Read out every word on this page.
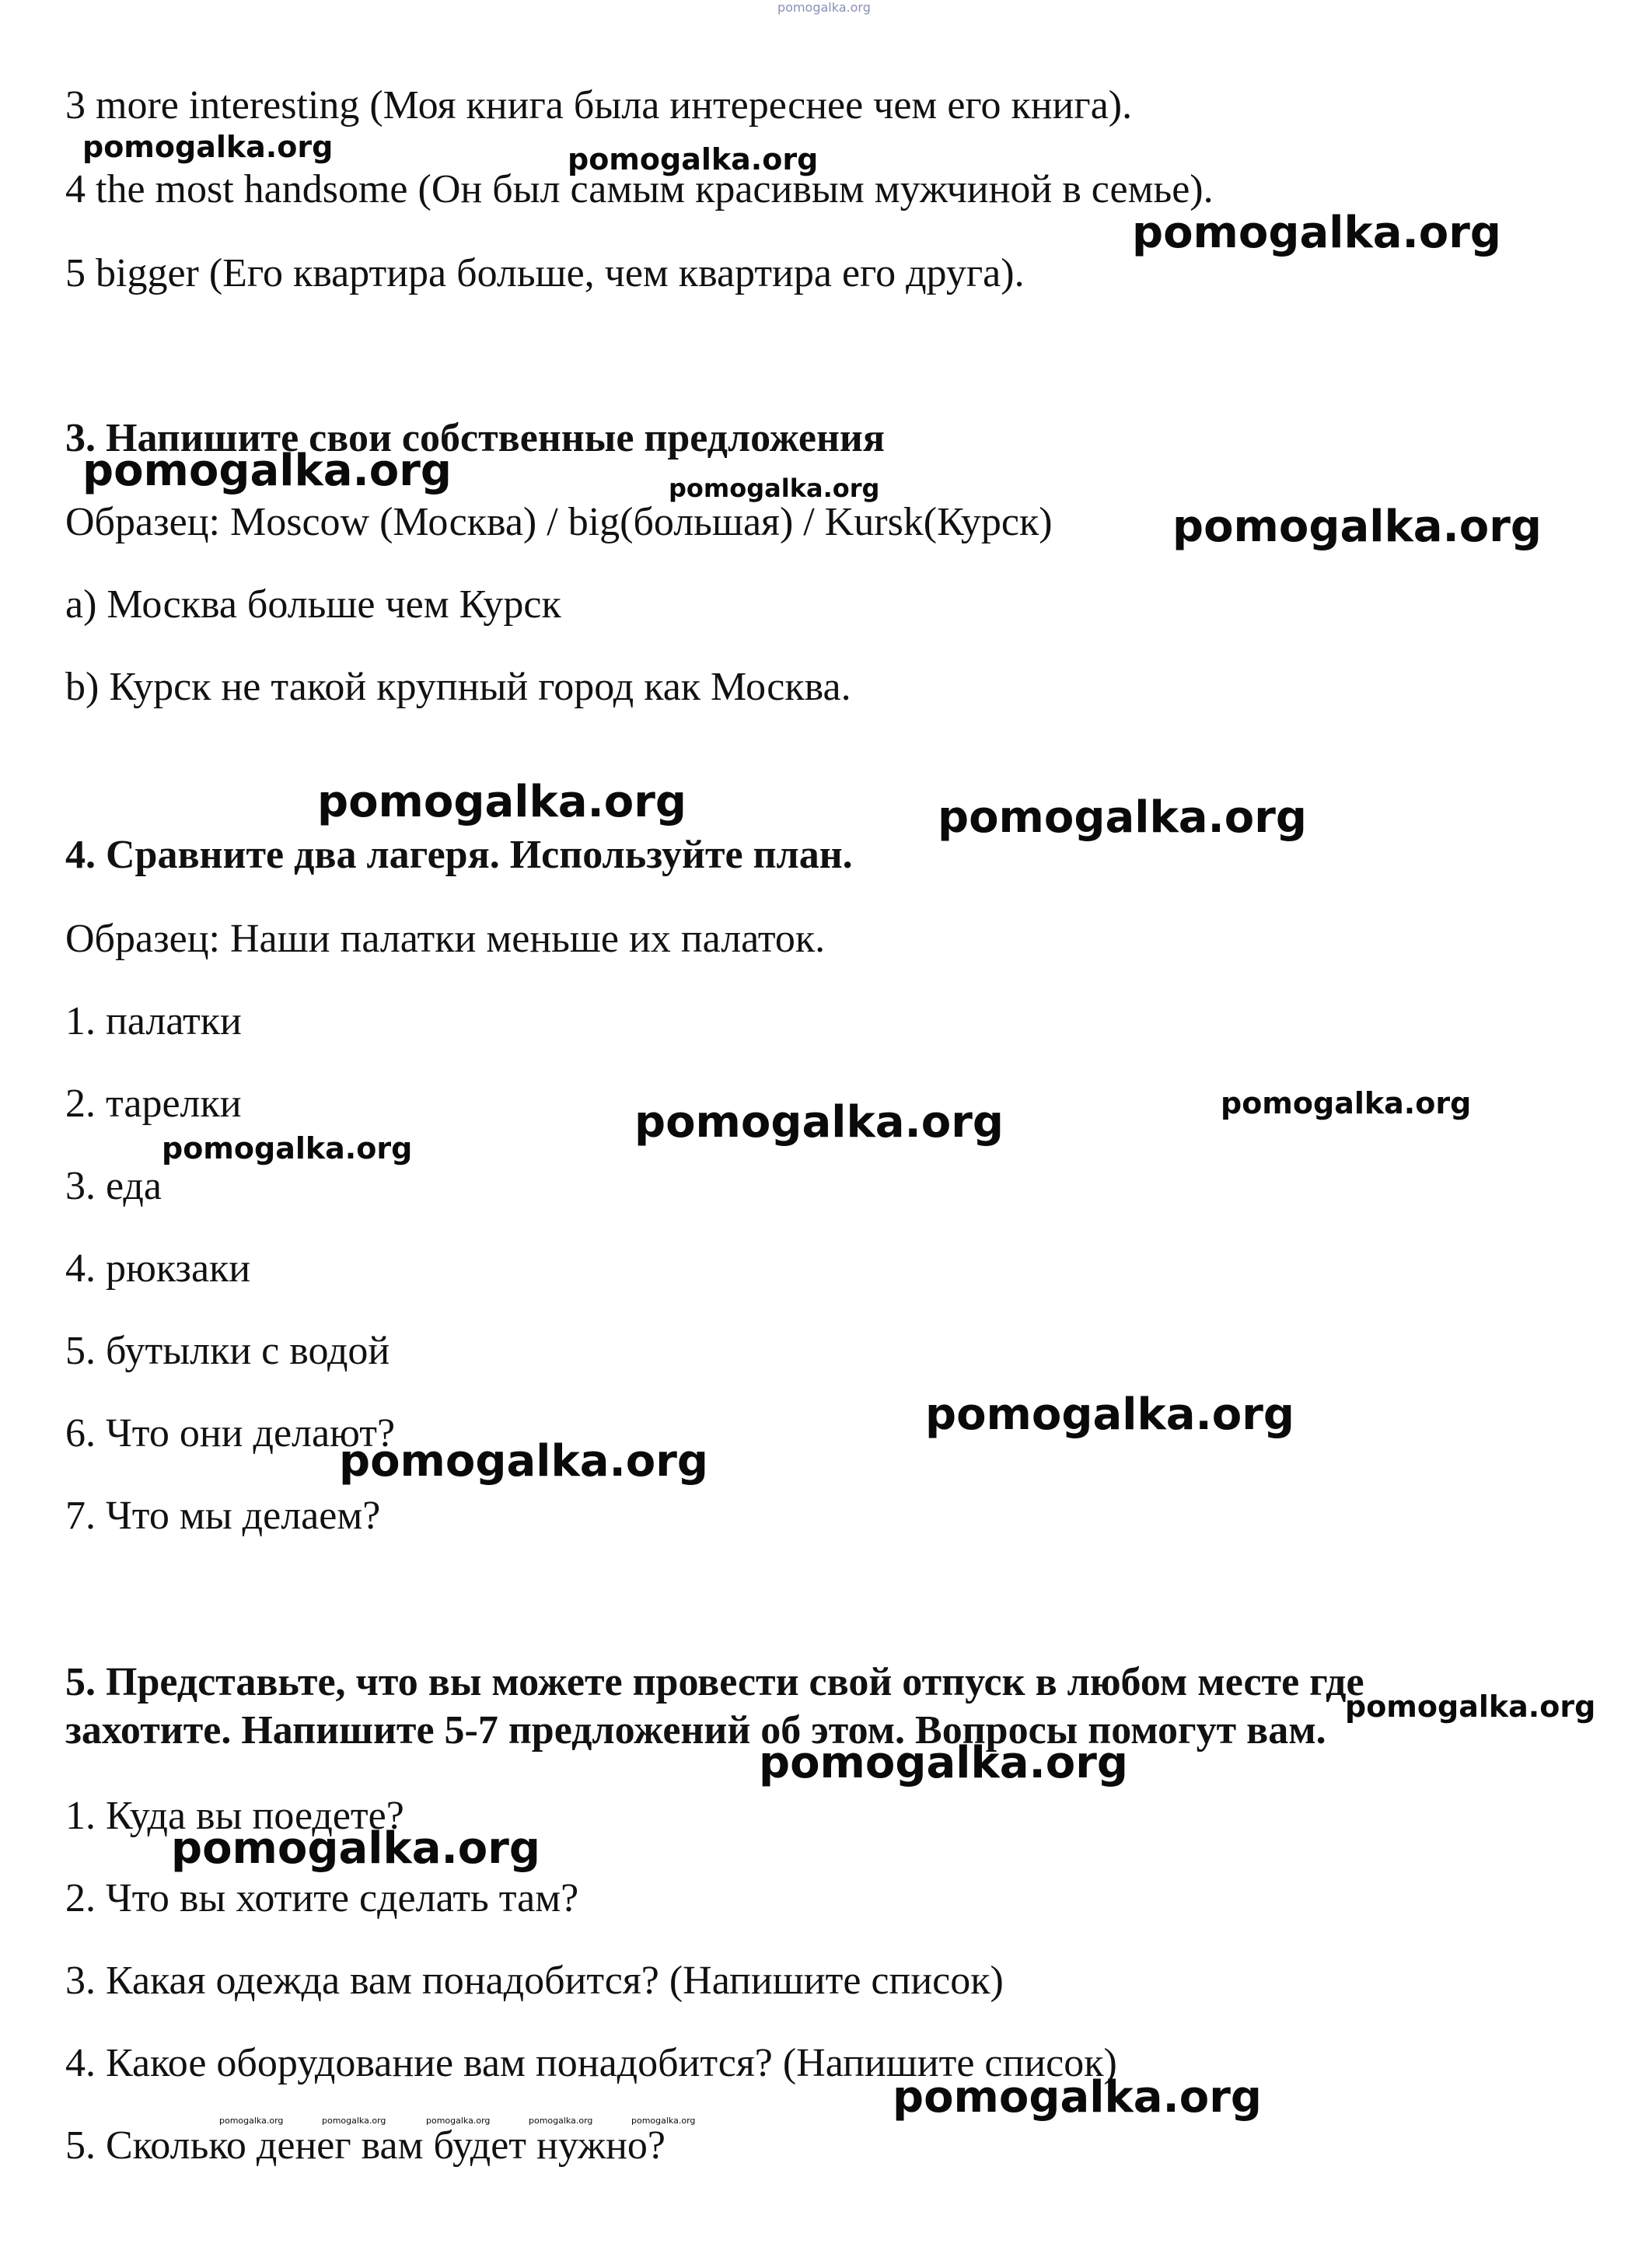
pomogalka.org

3 more interesting (Моя книга была интереснее чем его книга).

4 the most handsome (Он был самым красивым мужчиной в семье).

5 bigger (Его квартира больше, чем квартира его друга).

3. Напишите свои собственные предложения

Образец: Moscow (Москва) / big(большая) / Kursk(Курск)

a) Москва больше чем Курск

b) Курск не такой крупный город как Москва.

4. Сравните два лагеря. Используйте план.

Образец: Наши палатки меньше их палаток.

1. палатки

2. тарелки

3. еда

4. рюкзаки

5. бутылки с водой

6. Что они делают?

7. Что мы делаем?

5. Представьте, что вы можете провести свой отпуск в любом месте где

захотите. Напишите 5-7 предложений об этом. Вопросы помогут вам.

1. Куда вы поедете?

2. Что вы хотите сделать там?

3. Какая одежда вам понадобится? (Напишите список)

4. Какое оборудование вам понадобится? (Напишите список)

5. Сколько денег вам будет нужно?

pomogalka.org	pomogalka.org
pomogalka.org
pomogalka.org	pomogalka.org
pomogalka.org
pomogalka.org	pomogalka.org
pomogalka.org	pomogalka.org
pomogalka.org
pomogalka.org
pomogalka.org
pomogalka.org
pomogalka.org
pomogalka.org
pomogalka.org
pomogalka.org	pomogalka.org	pomogalka.org	pomogalka.org	pomogalka.org
